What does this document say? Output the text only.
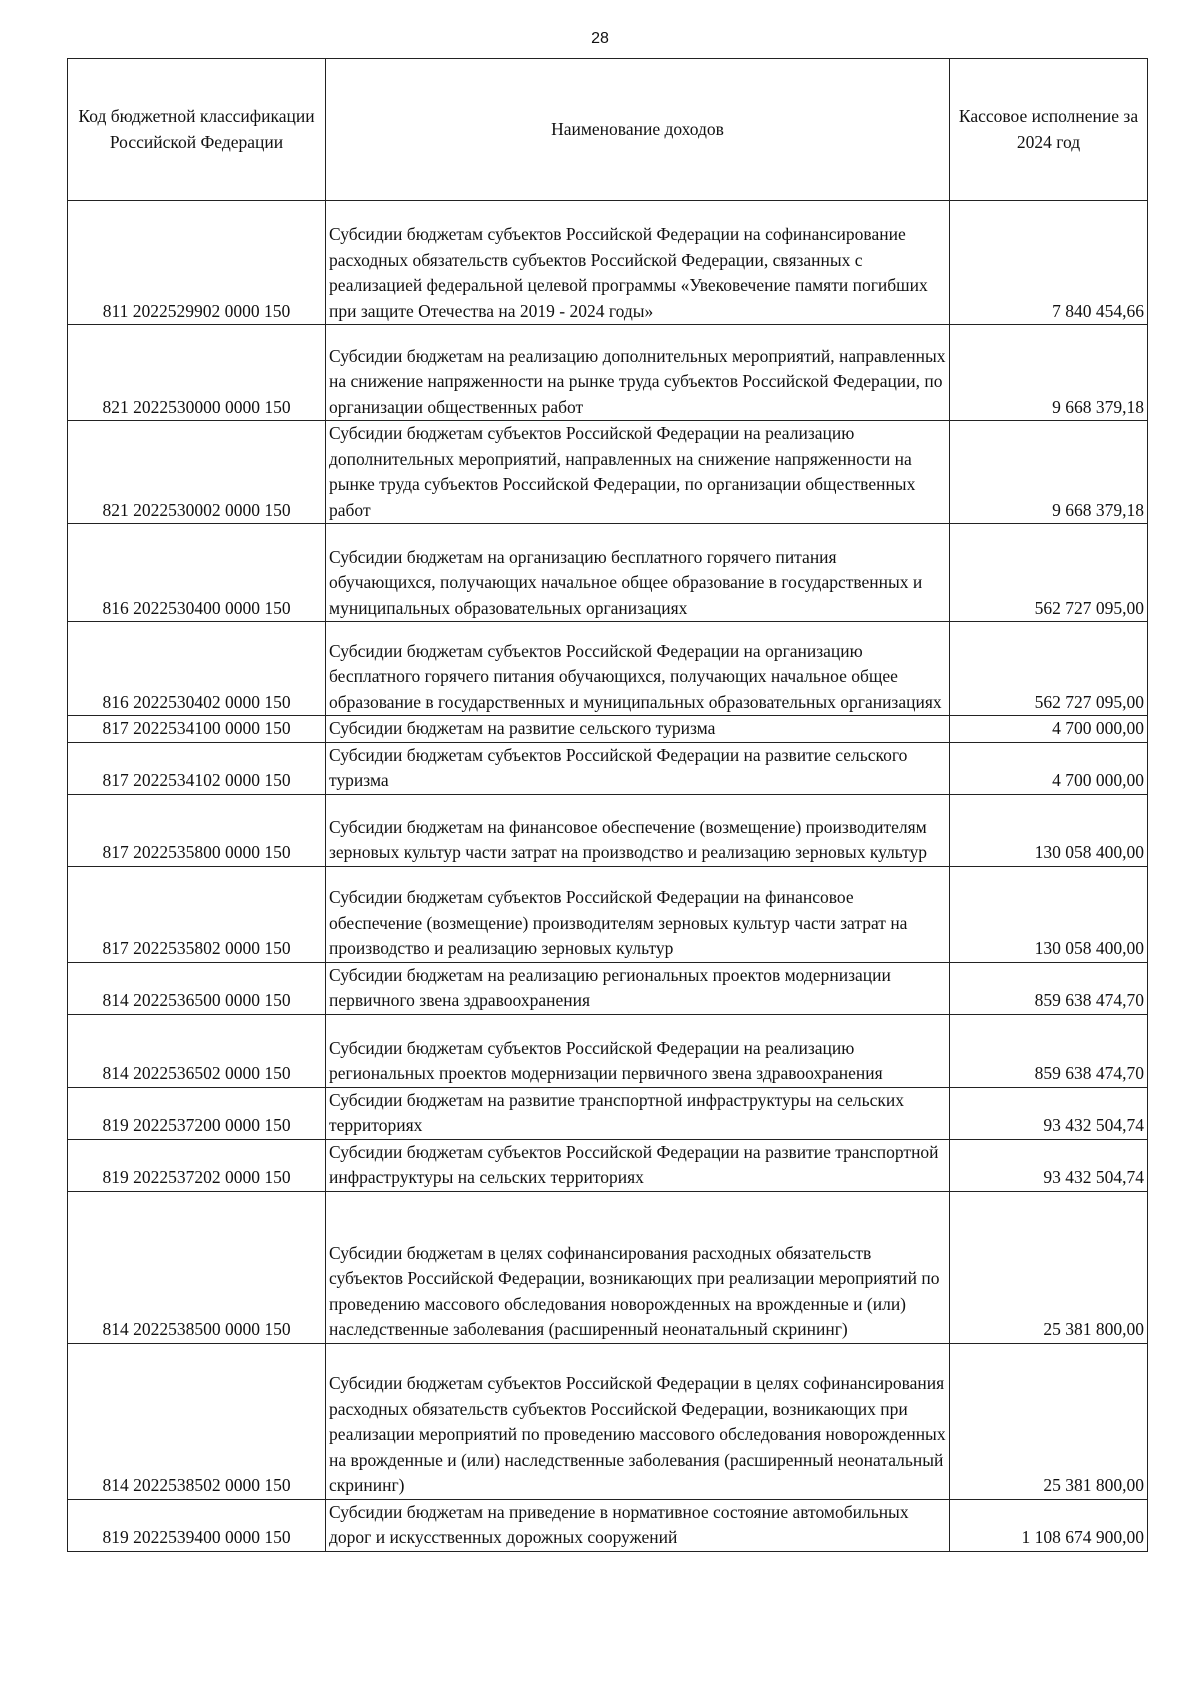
28
Код бюджетной классификации Российской Федерации	Наименование доходов	Кассовое исполнение за 2024 год
811 2022529902 0000 150	Субсидии бюджетам субъектов Российской Федерации на софинансирование расходных обязательств субъектов Российской Федерации, связанных с реализацией федеральной целевой программы «Увековечение памяти погибших при защите Отечества на 2019 - 2024 годы»	7 840 454,66
821 2022530000 0000 150	Субсидии бюджетам на реализацию дополнительных мероприятий, направленных на снижение напряженности на рынке труда субъектов Российской Федерации, по организации общественных работ	9 668 379,18
821 2022530002 0000 150	Субсидии бюджетам субъектов Российской Федерации на реализацию дополнительных мероприятий, направленных на снижение напряженности на рынке труда субъектов Российской Федерации, по организации общественных работ	9 668 379,18
816 2022530400 0000 150	Субсидии бюджетам на организацию бесплатного горячего питания обучающихся, получающих начальное общее образование в государственных и муниципальных образовательных организациях	562 727 095,00
816 2022530402 0000 150	Субсидии бюджетам субъектов Российской Федерации на организацию бесплатного горячего питания обучающихся, получающих начальное общее образование в государственных и муниципальных образовательных организациях	562 727 095,00
817 2022534100 0000 150	Субсидии бюджетам на развитие сельского туризма	4 700 000,00
817 2022534102 0000 150	Субсидии бюджетам субъектов Российской Федерации на развитие сельского туризма	4 700 000,00
817 2022535800 0000 150	Субсидии бюджетам на финансовое обеспечение (возмещение) производителям зерновых культур части затрат на производство и реализацию зерновых культур	130 058 400,00
817 2022535802 0000 150	Субсидии бюджетам субъектов Российской Федерации на финансовое обеспечение (возмещение) производителям зерновых культур части затрат на производство и реализацию зерновых культур	130 058 400,00
814 2022536500 0000 150	Субсидии бюджетам на реализацию региональных проектов модернизации первичного звена здравоохранения	859 638 474,70
814 2022536502 0000 150	Субсидии бюджетам субъектов Российской Федерации на реализацию региональных проектов модернизации первичного звена здравоохранения	859 638 474,70
819 2022537200 0000 150	Субсидии бюджетам на развитие транспортной инфраструктуры на сельских территориях	93 432 504,74
819 2022537202 0000 150	Субсидии бюджетам субъектов Российской Федерации на развитие транспортной инфраструктуры на сельских территориях	93 432 504,74
814 2022538500 0000 150	Субсидии бюджетам в целях софинансирования расходных обязательств субъектов Российской Федерации, возникающих при реализации мероприятий по проведению массового обследования новорожденных на врожденные и (или) наследственные заболевания (расширенный неонатальный скрининг)	25 381 800,00
814 2022538502 0000 150	Субсидии бюджетам субъектов Российской Федерации в целях софинансирования расходных обязательств субъектов Российской Федерации, возникающих при реализации мероприятий по проведению массового обследования новорожденных на врожденные и (или) наследственные заболевания (расширенный неонатальный скрининг)	25 381 800,00
819 2022539400 0000 150	Субсидии бюджетам на приведение в нормативное состояние автомобильных дорог и искусственных дорожных сооружений	1 108 674 900,00
